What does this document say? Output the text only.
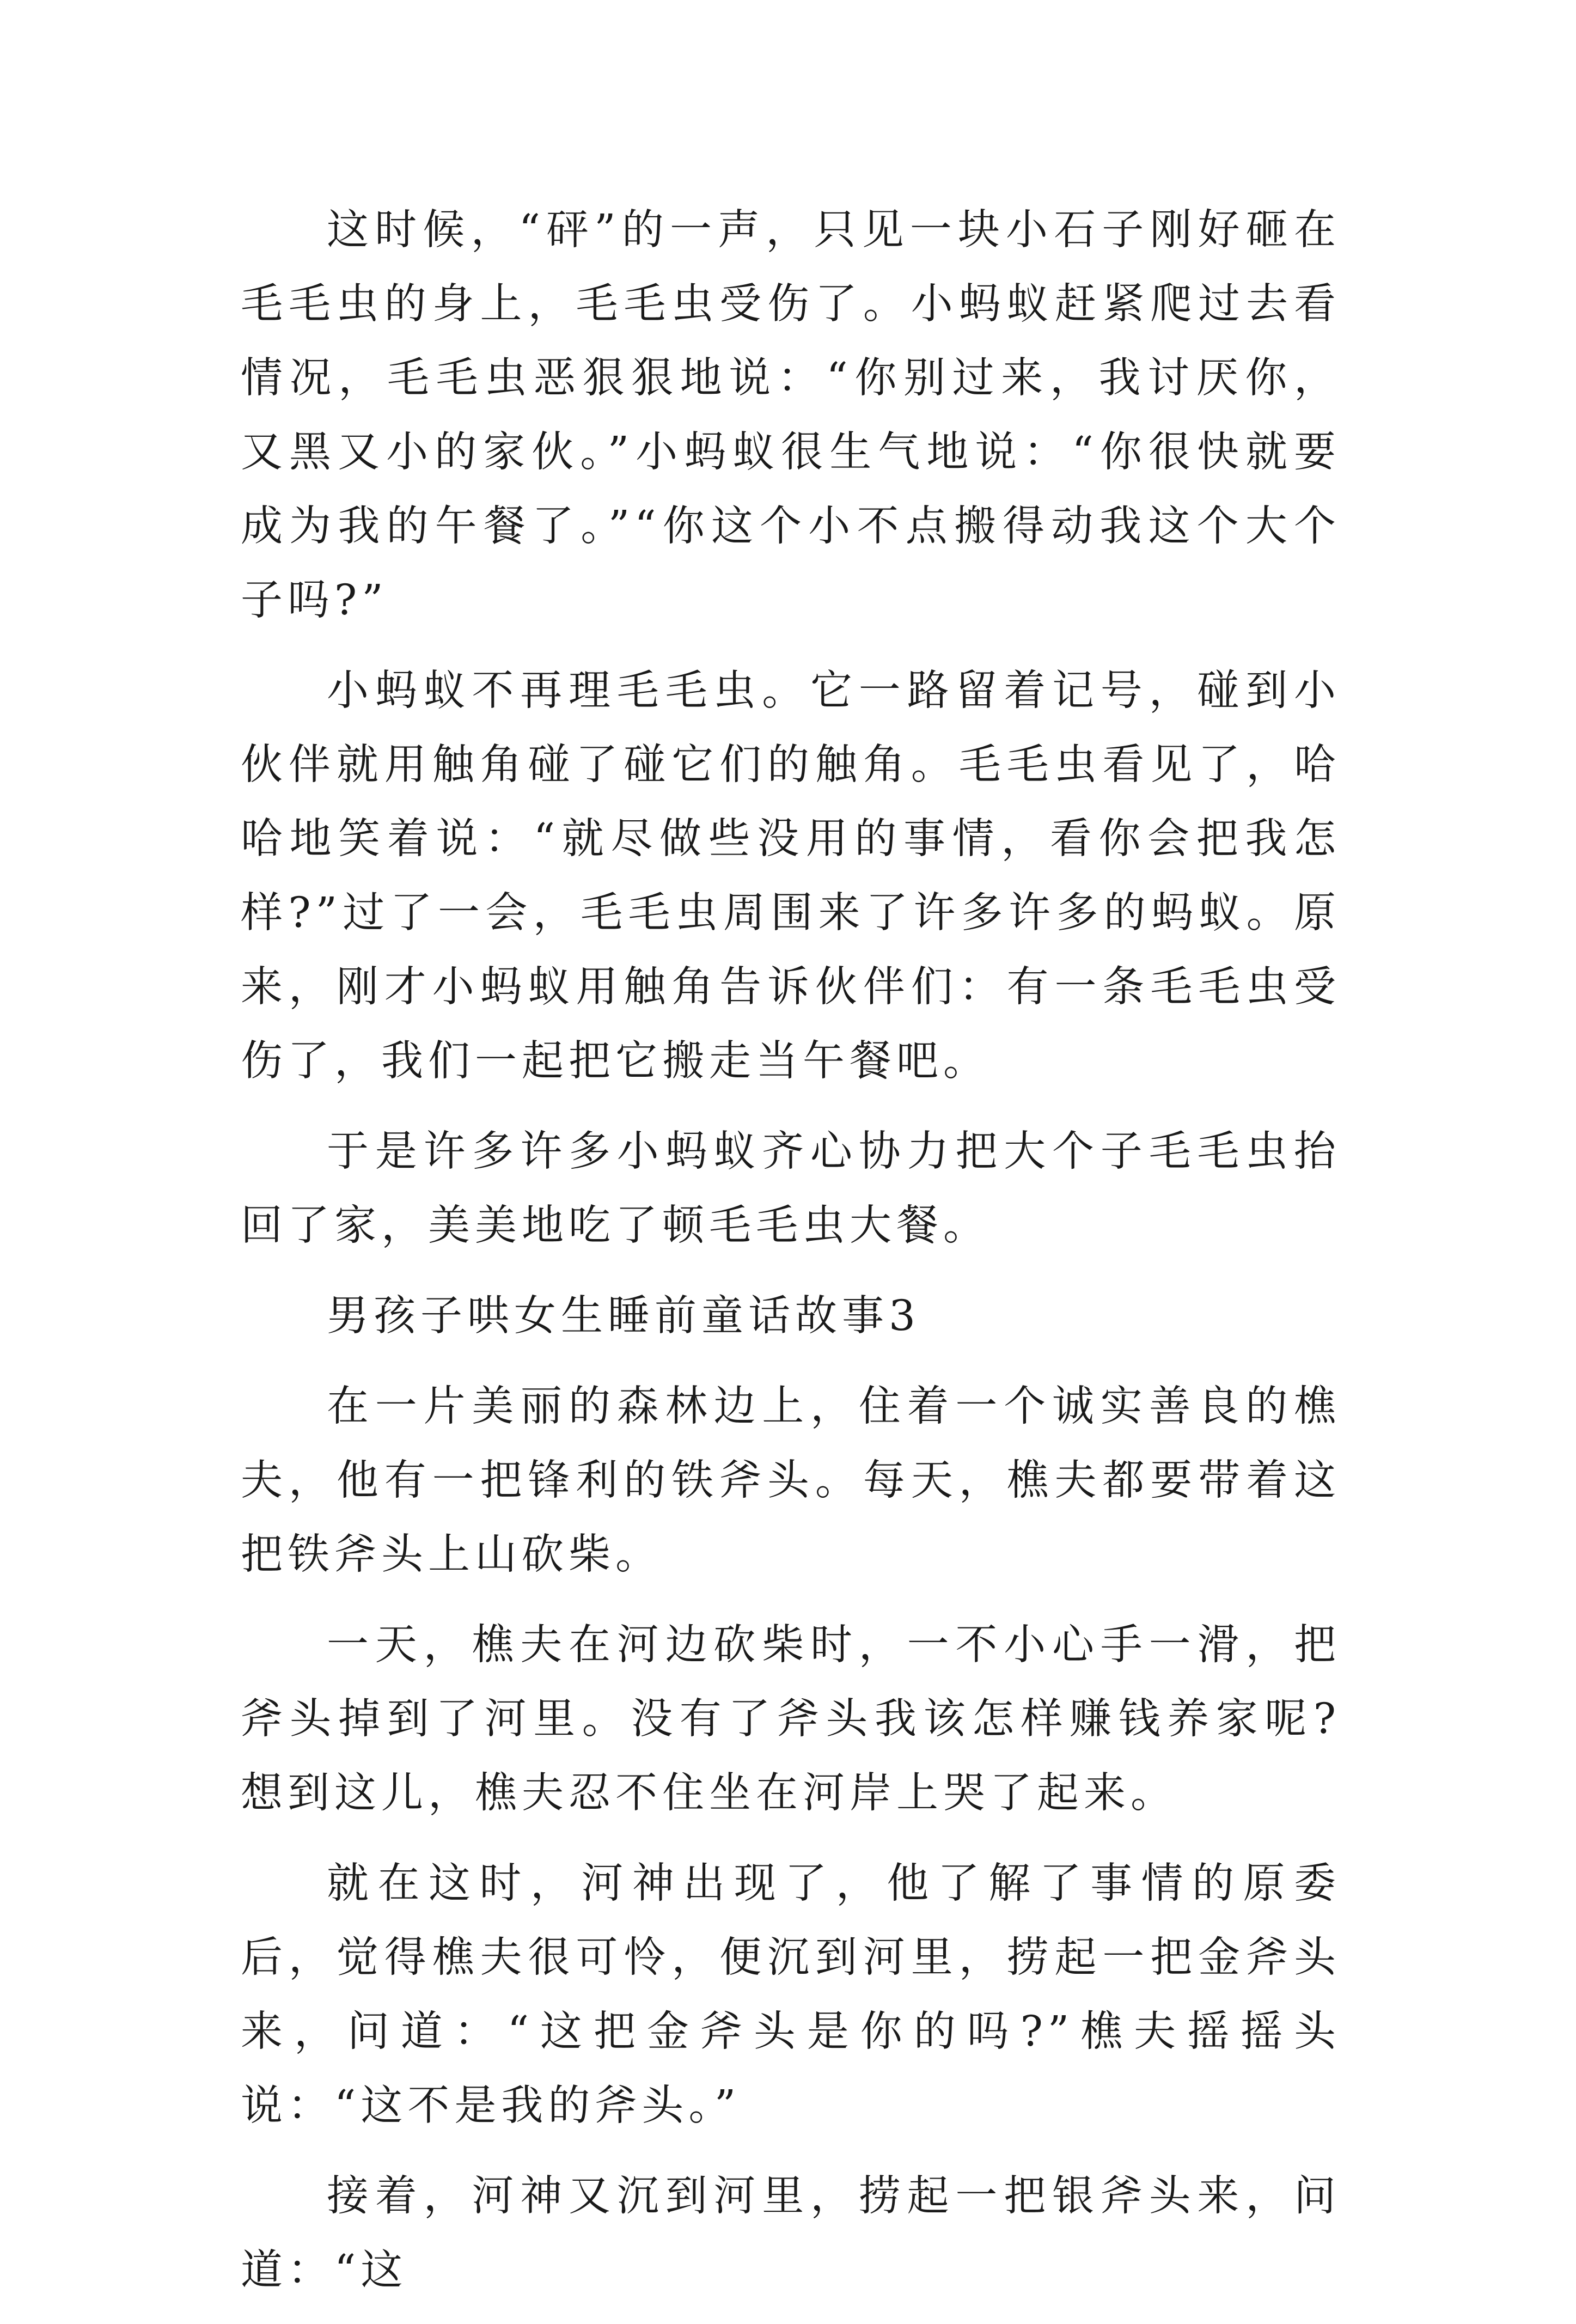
这时候，“砰”的一声，只见一块小石子刚好砸在毛毛虫的身上，毛毛虫受伤了。小蚂蚁赶紧爬过去看情况，毛毛虫恶狠狠地说：“你别过来，我讨厌你，又黑又小的家伙。”小蚂蚁很生气地说：“你很快就要成为我的午餐了。”“你这个小不点搬得动我这个大个子吗?”

小蚂蚁不再理毛毛虫。它一路留着记号，碰到小伙伴就用触角碰了碰它们的触角。毛毛虫看见了，哈哈地笑着说：“就尽做些没用的事情，看你会把我怎样?”过了一会，毛毛虫周围来了许多许多的蚂蚁。原来，刚才小蚂蚁用触角告诉伙伴们：有一条毛毛虫受伤了，我们一起把它搬走当午餐吧。

于是许多许多小蚂蚁齐心协力把大个子毛毛虫抬回了家，美美地吃了顿毛毛虫大餐。

男孩子哄女生睡前童话故事3

在一片美丽的森林边上，住着一个诚实善良的樵夫，他有一把锋利的铁斧头。每天，樵夫都要带着这把铁斧头上山砍柴。

一天，樵夫在河边砍柴时，一不小心手一滑，把斧头掉到了河里。没有了斧头我该怎样赚钱养家呢?想到这儿，樵夫忍不住坐在河岸上哭了起来。

就在这时，河神出现了，他了解了事情的原委后，觉得樵夫很可怜，便沉到河里，捞起一把金斧头来，问道：“这把金斧头是你的吗?”樵夫摇摇头说：“这不是我的斧头。”

接着，河神又沉到河里，捞起一把银斧头来，问道：“这
